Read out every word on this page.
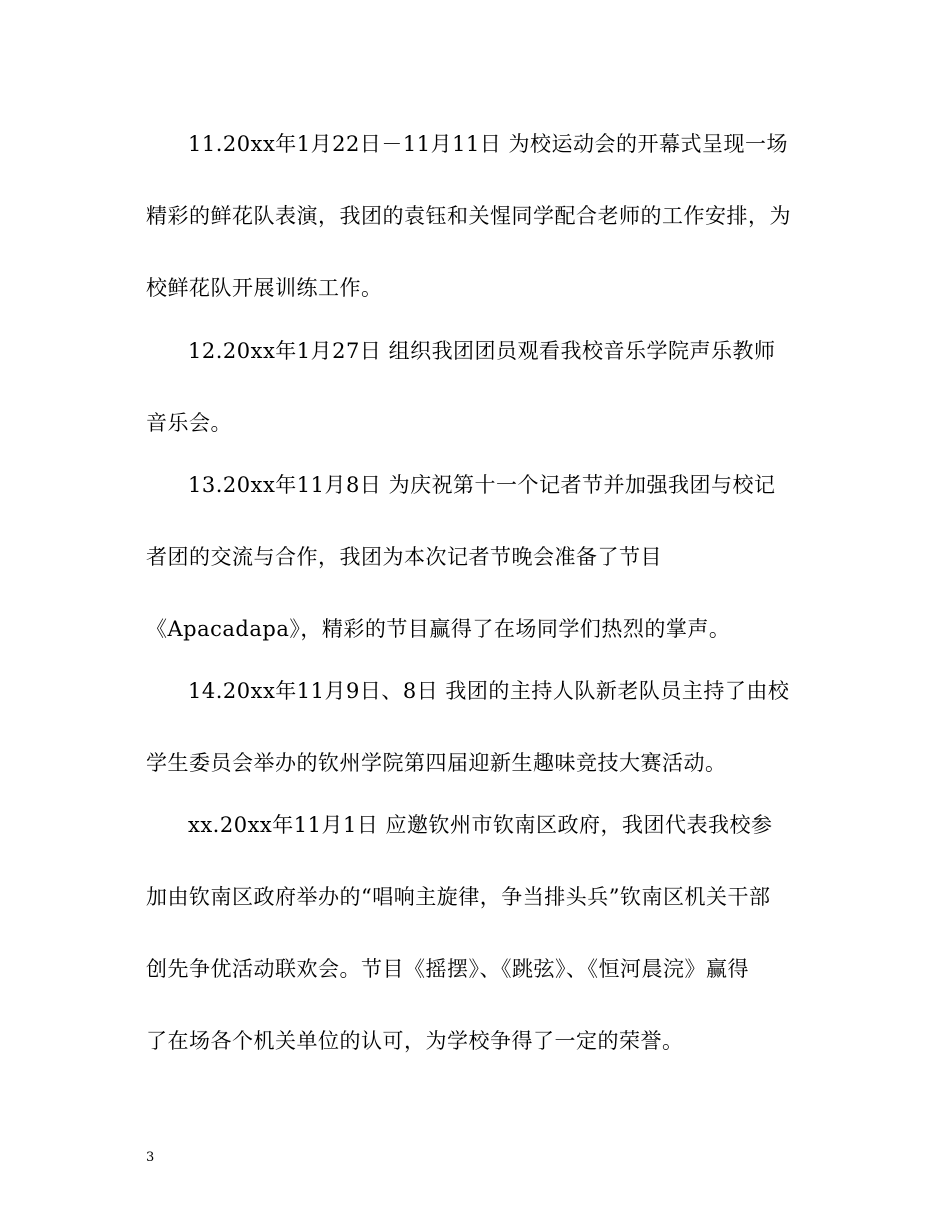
11.20xx年1月22日－11月11日 为校运动会的开幕式呈现一场
精彩的鲜花队表演，我团的袁钰和关惺同学配合老师的工作安排，为
校鲜花队开展训练工作。
12.20xx年1月27日 组织我团团员观看我校音乐学院声乐教师
音乐会。
13.20xx年11月8日 为庆祝第十一个记者节并加强我团与校记
者团的交流与合作，我团为本次记者节晚会准备了节目
《Apacadapa》，精彩的节目赢得了在场同学们热烈的掌声。
14.20xx年11月9日、8日 我团的主持人队新老队员主持了由校
学生委员会举办的钦州学院第四届迎新生趣味竞技大赛活动。
xx.20xx年11月1日 应邀钦州市钦南区政府，我团代表我校参
加由钦南区政府举办的“唱响主旋律，争当排头兵”钦南区机关干部
创先争优活动联欢会。节目《摇摆》、《跳弦》、《恒河晨浣》赢得
了在场各个机关单位的认可，为学校争得了一定的荣誉。
3
